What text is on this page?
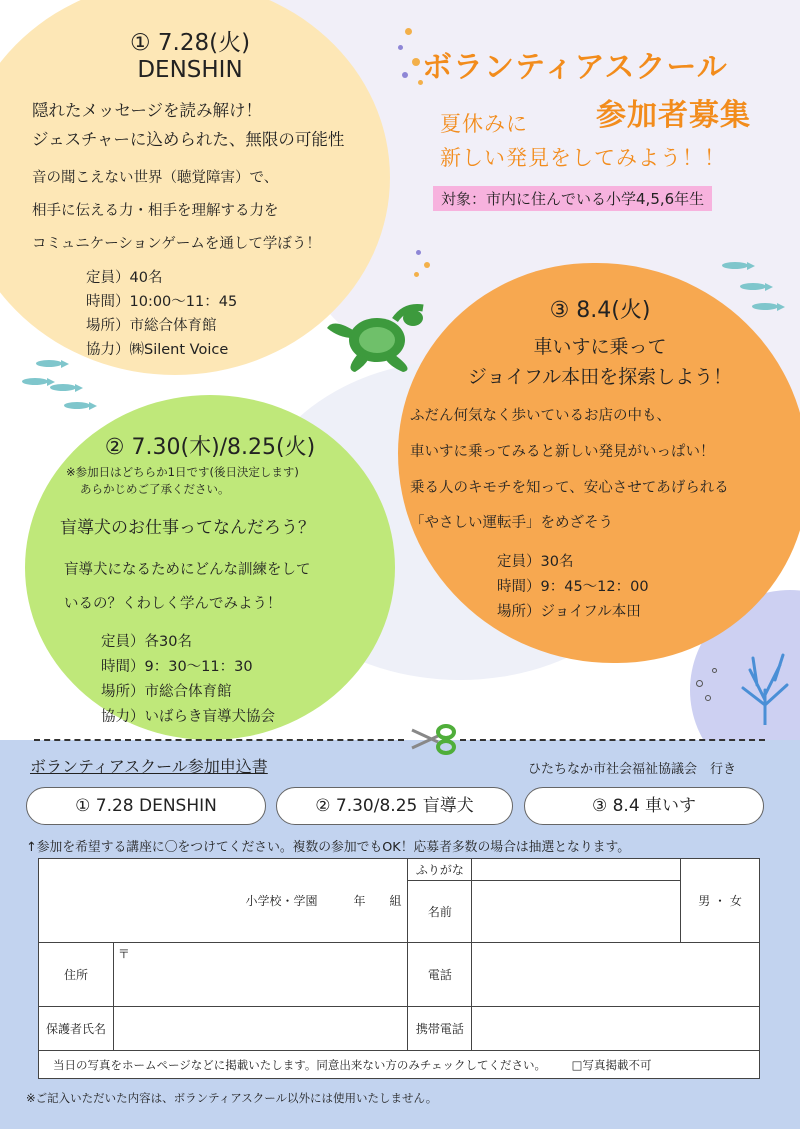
ボランティアスクール
参加者募集
夏休みに
新しい発見をしてみよう！！
対象：市内に住んでいる小学4,5,6年生
① 7.28(火)
DENSHIN
隠れたメッセージを読み解け！
ジェスチャーに込められた、無限の可能性
音の聞こえない世界（聴覚障害）で、
相手に伝える力・相手を理解する力を
コミュニケーションゲームを通して学ぼう！
定員）40名
時間）10:00〜11：45
場所）市総合体育館
協力）㈱Silent Voice
③ 8.4(火)
車いすに乗って
ジョイフル本田を探索しよう！
ふだん何気なく歩いているお店の中も、
車いすに乗ってみると新しい発見がいっぱい！
乗る人のキモチを知って、安心させてあげられる
「やさしい運転手」をめざそう
定員）30名
時間）9：45〜12：00
場所）ジョイフル本田
② 7.30(木)/8.25(火)
※参加日はどちらか1日です(後日決定します)
あらかじめご了承ください。
盲導犬のお仕事ってなんだろう？
盲導犬になるためにどんな訓練をして
いるの？くわしく学んでみよう！
定員）各30名
時間）9：30〜11：30
場所）市総合体育館
協力）いばらき盲導犬協会
ボランティアスクール参加申込書	ひたちなか市社会福祉協議会　行き
① 7.28 DENSHIN	② 7.30/8.25 盲導犬	③ 8.4 車いす
↑参加を希望する講座に〇をつけてください。複数の参加でもOK！応募者多数の場合は抽選となります。
小学校・学園　　　年　　組		ふりがな		男 ・ 女
		名前		
住所	〒	電話		
保護者氏名		携帯電話		
当日の写真をホームページなどに掲載いたします。同意出来ない方のみチェックしてください。 □写真掲載不可				
※ご記入いただいた内容は、ボランティアスクール以外には使用いたしません。
